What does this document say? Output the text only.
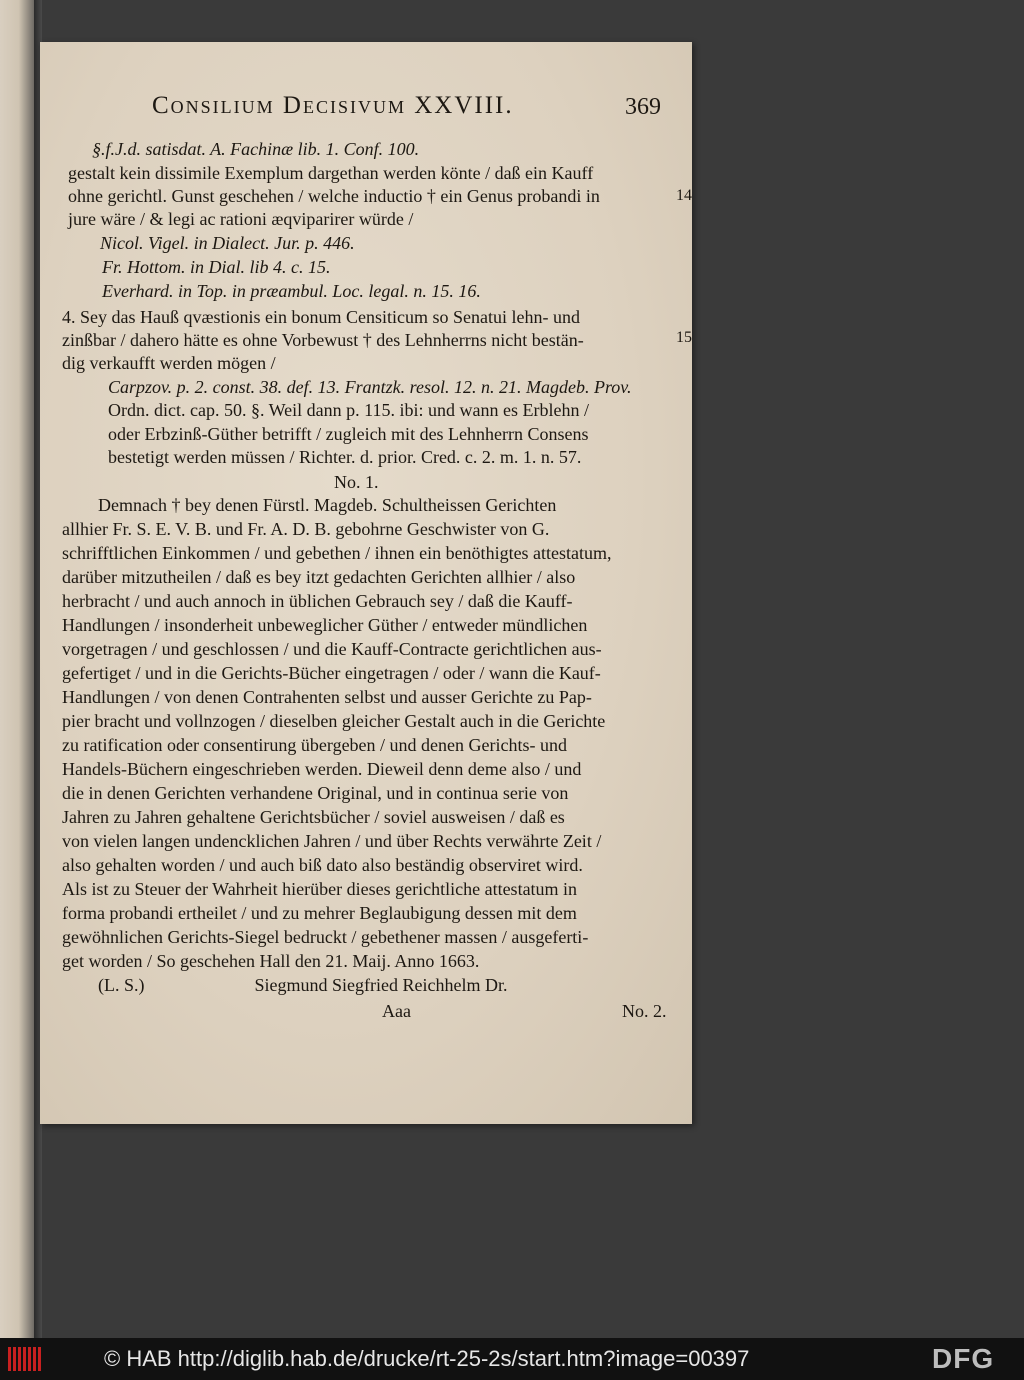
Consilium Decisivum XXVIII.	369
§.f.J.d. satisdat. A. Fachinæ lib. 1. Conf. 100.
gestalt kein dissimile Exemplum dargethan werden könte / daß ein Kauff
ohne gerichtl. Gunst geschehen / welche inductio † ein Genus probandi in
jure wäre / & legi ac rationi æqviparirer würde /
Nicol. Vigel. in Dialect. Jur. p. 446.
Fr. Hottom. in Dial. lib 4. c. 15.
Everhard. in Top. in præambul. Loc. legal. n. 15. 16.
4. Sey das Hauß qvæstionis ein bonum Censiticum so Senatui lehn- und
zinßbar / dahero hätte es ohne Vorbewust † des Lehnherrns nicht bestän-
dig verkaufft werden mögen /
Carpzov. p. 2. const. 38. def. 13. Frantzk. resol. 12. n. 21. Magdeb. Prov.
Ordn. dict. cap. 50. §. Weil dann p. 115. ibi: und wann es Erblehn /
oder Erbzinß-Güther betrifft / zugleich mit des Lehnherrn Consens
bestetigt werden müssen / Richter. d. prior. Cred. c. 2. m. 1. n. 57.
No. 1.
Demnach † bey denen Fürstl. Magdeb. Schultheissen Gerichten
allhier Fr. S. E. V. B. und Fr. A. D. B. gebohrne Geschwister von G.
schrifftlichen Einkommen / und gebethen / ihnen ein benöthigtes attestatum,
darüber mitzutheilen / daß es bey itzt gedachten Gerichten allhier / also
herbracht / und auch annoch in üblichen Gebrauch sey / daß die Kauff-
Handlungen / insonderheit unbeweglicher Güther / entweder mündlichen
vorgetragen / und geschlossen / und die Kauff-Contracte gerichtlichen aus-
gefertiget / und in die Gerichts-Bücher eingetragen / oder / wann die Kauf-
Handlungen / von denen Contrahenten selbst und ausser Gerichte zu Pap-
pier bracht und vollnzogen / dieselben gleicher Gestalt auch in die Gerichte
zu ratification oder consentirung übergeben / und denen Gerichts- und
Handels-Büchern eingeschrieben werden. Dieweil denn deme also / und
die in denen Gerichten verhandene Original, und in continua serie von
Jahren zu Jahren gehaltene Gerichtsbücher / soviel ausweisen / daß es
von vielen langen undencklichen Jahren / und über Rechts verwährte Zeit /
also gehalten worden / und auch biß dato also beständig observiret wird.
Als ist zu Steuer der Wahrheit hierüber dieses gerichtliche attestatum in
forma probandi ertheilet / und zu mehrer Beglaubigung dessen mit dem
gewöhnlichen Gerichts-Siegel bedruckt / gebethener massen / ausgeferti-
get worden / So geschehen Hall den 21. Maij. Anno 1663.
(L. S.)	Siegmund Siegfried Reichhelm Dr.
Aaa	No. 2.
14
15
© HAB http://diglib.hab.de/drucke/rt-25-2s/start.htm?image=00397	DFG
